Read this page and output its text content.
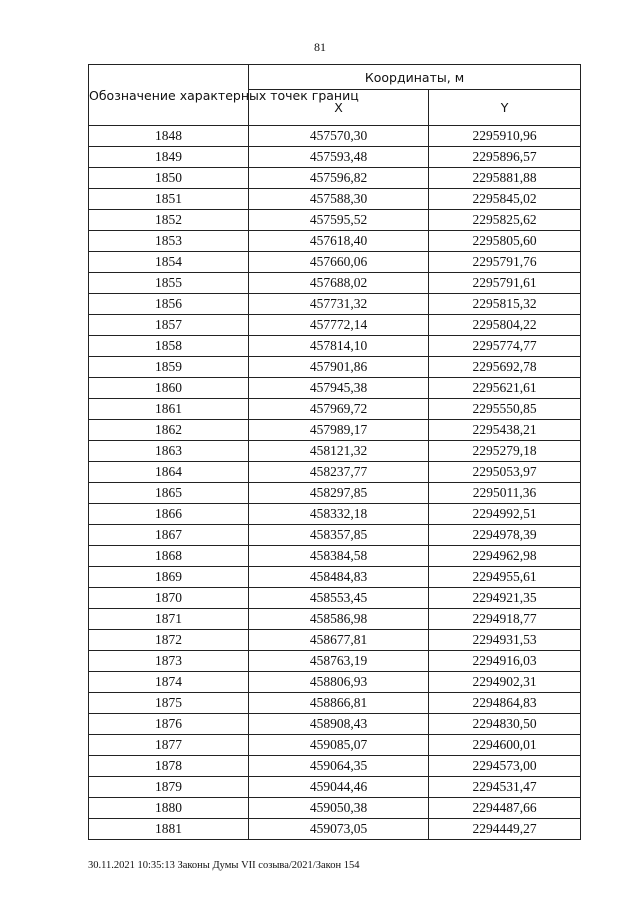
81
Обозначение характерных точек границ	Координаты, м	
	X	Y
1848	457570,30	2295910,96
1849	457593,48	2295896,57
1850	457596,82	2295881,88
1851	457588,30	2295845,02
1852	457595,52	2295825,62
1853	457618,40	2295805,60
1854	457660,06	2295791,76
1855	457688,02	2295791,61
1856	457731,32	2295815,32
1857	457772,14	2295804,22
1858	457814,10	2295774,77
1859	457901,86	2295692,78
1860	457945,38	2295621,61
1861	457969,72	2295550,85
1862	457989,17	2295438,21
1863	458121,32	2295279,18
1864	458237,77	2295053,97
1865	458297,85	2295011,36
1866	458332,18	2294992,51
1867	458357,85	2294978,39
1868	458384,58	2294962,98
1869	458484,83	2294955,61
1870	458553,45	2294921,35
1871	458586,98	2294918,77
1872	458677,81	2294931,53
1873	458763,19	2294916,03
1874	458806,93	2294902,31
1875	458866,81	2294864,83
1876	458908,43	2294830,50
1877	459085,07	2294600,01
1878	459064,35	2294573,00
1879	459044,46	2294531,47
1880	459050,38	2294487,66
1881	459073,05	2294449,27
30.11.2021 10:35:13 Законы Думы VII созыва/2021/Закон 154
